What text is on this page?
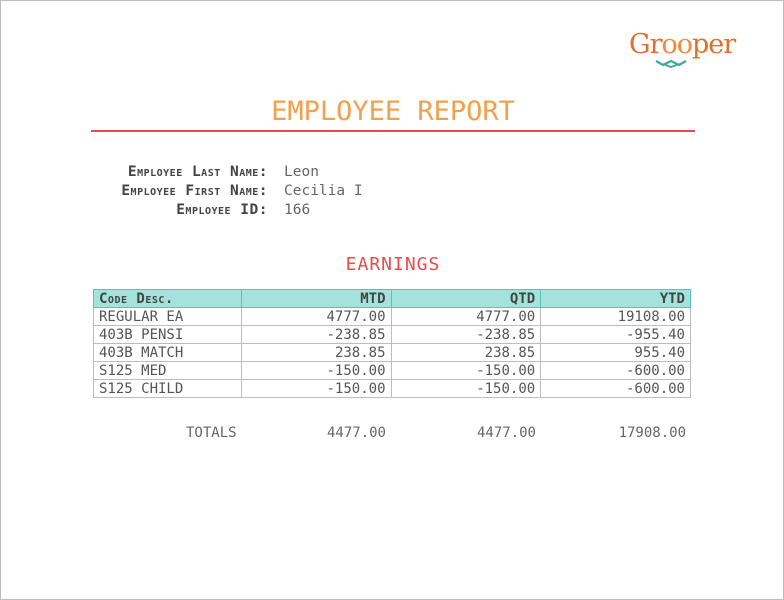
Grooper
EMPLOYEE REPORT
Employee Last Name: Leon
Employee First Name: Cecilia I
Employee ID: 166
EARNINGS
Code Desc.	MTD	QTD	YTD
REGULAR EA	4777.00	4777.00	19108.00
403B PENSI	-238.85	-238.85	-955.40
403B MATCH	238.85	238.85	955.40
S125 MED	-150.00	-150.00	-600.00
S125 CHILD	-150.00	-150.00	-600.00
TOTALS	4477.00	4477.00	17908.00
